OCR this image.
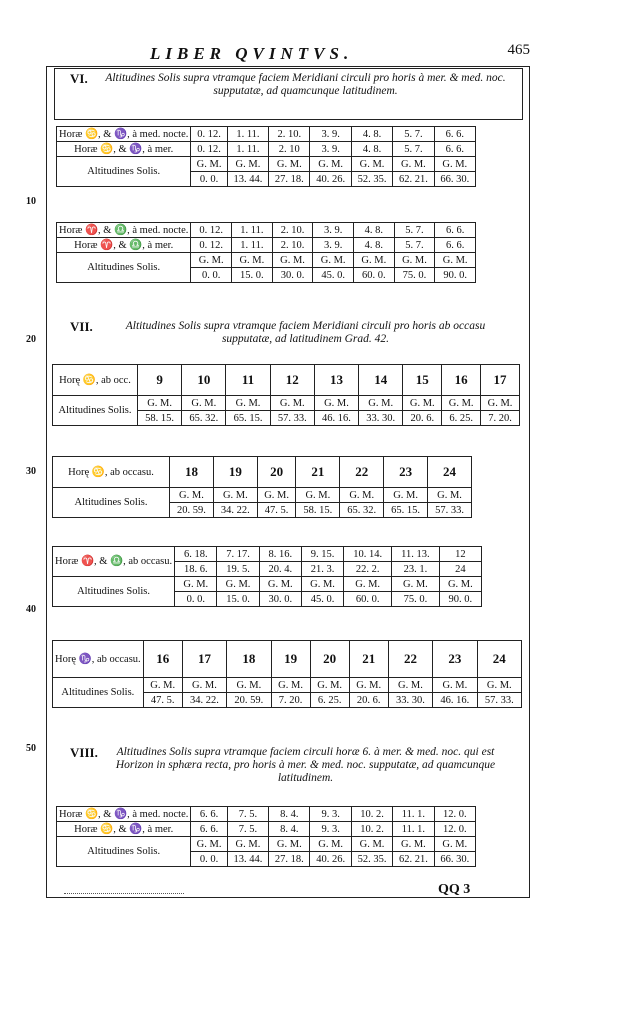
LIBER QVINTVS.	465
10
20
30
40
50
VI.	Altitudines Solis supra vtramque faciem Meridiani circuli pro horis à mer. & med. noc. supputatæ, ad quamcunque latitudinem.
Horæ ♋, & ♑, à med. nocte.	0. 12.	1. 11.	2. 10.	3. 9.	4. 8.	5. 7.	6. 6.
Horæ ♋, & ♑, à mer.	0. 12.	1. 11.	2. 10	3. 9.	4. 8.	5. 7.	6. 6.
Altitudines Solis.	G. M.	G. M.	G. M.	G. M.	G. M.	G. M.	G. M.
	0. 0.	13. 44.	27. 18.	40. 26.	52. 35.	62. 21.	66. 30.
Horæ ♈, & ♎, à med. nocte.	0. 12.	1. 11.	2. 10.	3. 9.	4. 8.	5. 7.	6. 6.
Horæ ♈, & ♎, à mer.	0. 12.	1. 11.	2. 10.	3. 9.	4. 8.	5. 7.	6. 6.
Altitudines Solis.	G. M.	G. M.	G. M.	G. M.	G. M.	G. M.	G. M.
	0. 0.	15. 0.	30. 0.	45. 0.	60. 0.	75. 0.	90. 0.
VII.	Altitudines Solis supra vtramque faciem Meridiani circuli pro horis ab occasu supputatæ, ad latitudinem Grad. 42.
Horę ♋, ab occ.	9	10	11	12	13	14	15	16	17
Altitudines Solis.	G. M.	G. M.	G. M.	G. M.	G. M.	G. M.	G. M.	G. M.	G. M.
	58. 15.	65. 32.	65. 15.	57. 33.	46. 16.	33. 30.	20. 6.	6. 25.	7. 20.
Horę ♋, ab occasu.	18	19	20	21	22	23	24
Altitudines Solis.	G. M.	G. M.	G. M.	G. M.	G. M.	G. M.	G. M.
	20. 59.	34. 22.	47. 5.	58. 15.	65. 32.	65. 15.	57. 33.
Horæ ♈, & ♎, ab occasu.	6. 18.	7. 17.	8. 16.	9. 15.	10. 14.	11. 13.	12
	18. 6.	19. 5.	20. 4.	21. 3.	22. 2.	23. 1.	24
Altitudines Solis.	G. M.	G. M.	G. M.	G. M.	G. M.	G. M.	G. M.
	0. 0.	15. 0.	30. 0.	45. 0.	60. 0.	75. 0.	90. 0.
Horę ♑, ab occasu.	16	17	18	19	20	21	22	23	24
Altitudines Solis.	G. M.	G. M.	G. M.	G. M.	G. M.	G. M.	G. M.	G. M.	G. M.
	47. 5.	34. 22.	20. 59.	7. 20.	6. 25.	20. 6.	33. 30.	46. 16.	57. 33.
VIII.	Altitudines Solis supra vtramque faciem circuli horæ 6. à mer. & med. noc. qui est Horizon in sphæra recta, pro horis à mer. & med. noc. supputatæ, ad quamcunque latitudinem.
Horæ ♋, & ♑, à med. nocte.	6. 6.	7. 5.	8. 4.	9. 3.	10. 2.	11. 1.	12. 0.
Horæ ♋, & ♑, à mer.	6. 6.	7. 5.	8. 4.	9. 3.	10. 2.	11. 1.	12. 0.
Altitudines Solis.	G. M.	G. M.	G. M.	G. M.	G. M.	G. M.	G. M.
	0. 0.	13. 44.	27. 18.	40. 26.	52. 35.	62. 21.	66. 30.
QQ 3
